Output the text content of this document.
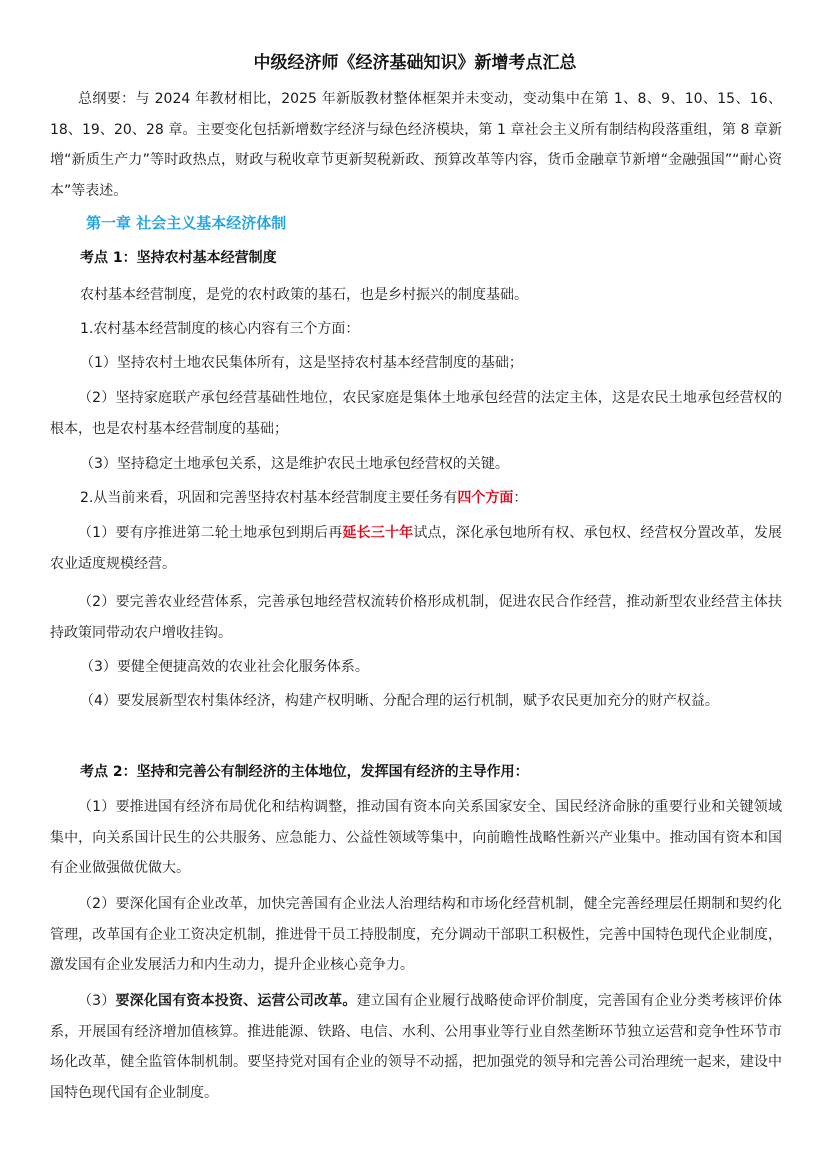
中级经济师《经济基础知识》新增考点汇总
总纲要：与 2024 年教材相比，2025 年新版教材整体框架并未变动，变动集中在第 1、8、9、10、15、16、18、19、20、28 章。主要变化包括新增数字经济与绿色经济模块，第 1 章社会主义所有制结构段落重组，第 8 章新增“新质生产力”等时政热点，财政与税收章节更新契税新政、预算改革等内容，货币金融章节新增“金融强国”“耐心资本”等表述。
第一章 社会主义基本经济体制
考点 1：坚持农村基本经营制度
农村基本经营制度，是党的农村政策的基石，也是乡村振兴的制度基础。
1.农村基本经营制度的核心内容有三个方面：
（1）坚持农村土地农民集体所有，这是坚持农村基本经营制度的基础；
（2）坚持家庭联产承包经营基础性地位，农民家庭是集体土地承包经营的法定主体，这是农民土地承包经营权的根本，也是农村基本经营制度的基础；
（3）坚持稳定土地承包关系，这是维护农民土地承包经营权的关键。
2.从当前来看，巩固和完善坚持农村基本经营制度主要任务有四个方面：
（1）要有序推进第二轮土地承包到期后再延长三十年试点，深化承包地所有权、承包权、经营权分置改革，发展农业适度规模经营。
（2）要完善农业经营体系，完善承包地经营权流转价格形成机制，促进农民合作经营，推动新型农业经营主体扶持政策同带动农户增收挂钩。
（3）要健全便捷高效的农业社会化服务体系。
（4）要发展新型农村集体经济，构建产权明晰、分配合理的运行机制，赋予农民更加充分的财产权益。
考点 2：坚持和完善公有制经济的主体地位，发挥国有经济的主导作用：
（1）要推进国有经济布局优化和结构调整，推动国有资本向关系国家安全、国民经济命脉的重要行业和关键领域集中，向关系国计民生的公共服务、应急能力、公益性领域等集中，向前瞻性战略性新兴产业集中。推动国有资本和国有企业做强做优做大。
（2）要深化国有企业改革，加快完善国有企业法人治理结构和市场化经营机制，健全完善经理层任期制和契约化管理，改革国有企业工资决定机制，推进骨干员工持股制度，充分调动干部职工积极性，完善中国特色现代企业制度，激发国有企业发展活力和内生动力，提升企业核心竞争力。
（3）要深化国有资本投资、运营公司改革。建立国有企业履行战略使命评价制度，完善国有企业分类考核评价体系，开展国有经济增加值核算。推进能源、铁路、电信、水利、公用事业等行业自然垄断环节独立运营和竞争性环节市场化改革，健全监管体制机制。要坚持党对国有企业的领导不动摇，把加强党的领导和完善公司治理统一起来，建设中国特色现代国有企业制度。
